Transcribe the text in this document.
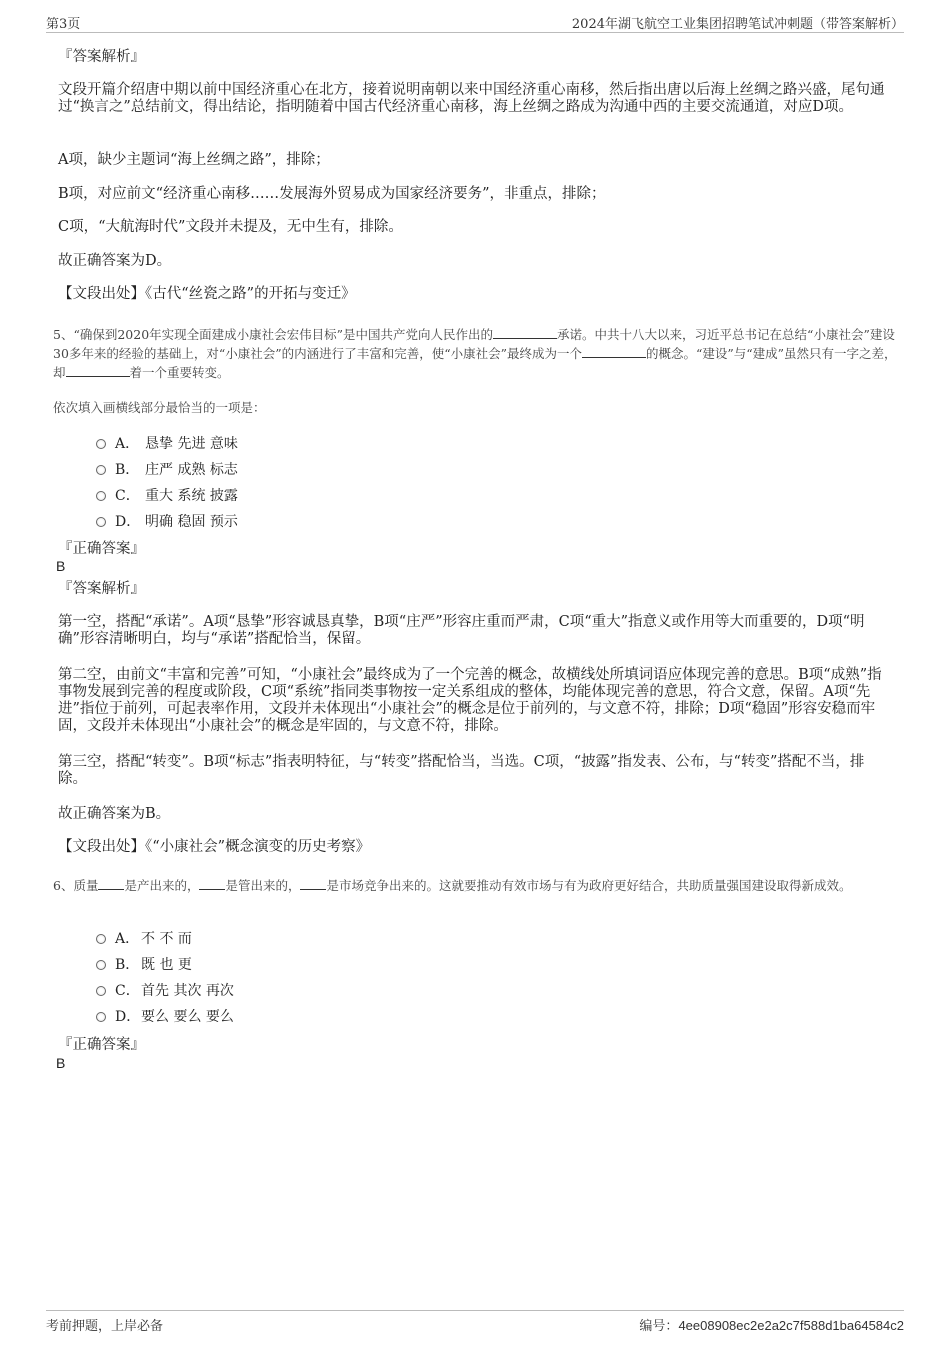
第3页	2024年湖飞航空工业集团招聘笔试冲刺题（带答案解析）
『答案解析』
文段开篇介绍唐中期以前中国经济重心在北方，接着说明南朝以来中国经济重心南移，然后指出唐以后海上丝绸之路兴盛，尾句通过“换言之”总结前文，得出结论，指明随着中国古代经济重心南移，海上丝绸之路成为沟通中西的主要交流通道，对应D项。
A项，缺少主题词“海上丝绸之路”，排除；
B项，对应前文“经济重心南移……发展海外贸易成为国家经济要务”，非重点，排除；
C项，“大航海时代”文段并未提及，无中生有，排除。
故正确答案为D。
【文段出处】《古代“丝瓷之路”的开拓与变迁》
5、“确保到2020年实现全面建成小康社会宏伟目标”是中国共产党向人民作出的	承诺。中共十八大以来，习近平总书记在总结“小康社会”建设30多年来的经验的基础上，对“小康社会”的内涵进行了丰富和完善，使“小康社会”最终成为一个	的概念。“建设”与“建成”虽然只有一字之差，却	着一个重要转变。
依次填入画横线部分最恰当的一项是：
A． 恳挚 先进 意味
B． 庄严 成熟 标志
C． 重大 系统 披露
D． 明确 稳固 预示
『正确答案』
B
『答案解析』
第一空，搭配“承诺”。A项“恳挚”形容诚恳真挚，B项“庄严”形容庄重而严肃，C项“重大”指意义或作用等大而重要的，D项“明确”形容清晰明白，均与“承诺”搭配恰当，保留。
第二空，由前文“丰富和完善”可知，“小康社会”最终成为了一个完善的概念，故横线处所填词语应体现完善的意思。B项“成熟”指事物发展到完善的程度或阶段，C项“系统”指同类事物按一定关系组成的整体，均能体现完善的意思，符合文意，保留。A项“先进”指位于前列，可起表率作用，文段并未体现出“小康社会”的概念是位于前列的，与文意不符，排除；D项“稳固”形容安稳而牢固，文段并未体现出“小康社会”的概念是牢固的，与文意不符，排除。
第三空，搭配“转变”。B项“标志”指表明特征，与“转变”搭配恰当，当选。C项，“披露”指发表、公布，与“转变”搭配不当，排除。
故正确答案为B。
【文段出处】《“小康社会”概念演变的历史考察》
6、质量 是产出来的， 是管出来的， 是市场竞争出来的。这就要推动有效市场与有为政府更好结合，共助质量强国建设取得新成效。
A． 不 不 而
B． 既 也 更
C．首先 其次 再次
D．要么 要么 要么
『正确答案』
B
考前押题，上岸必备	编号：4ee08908ec2e2a2c7f588d1ba64584c2
